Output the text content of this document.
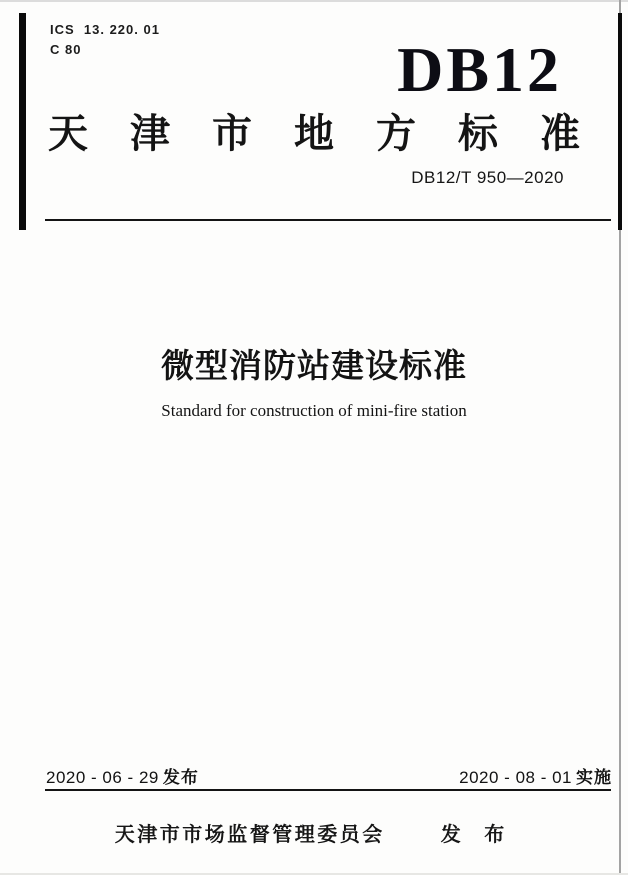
ICS  13. 220. 01
C 80	DB12
天津市地方标准
DB12/T 950—2020
微型消防站建设标准
Standard for construction of mini-fire station
2020 - 06 - 29 发布	2020 - 08 - 01 实施
天津市市场监督管理委员会	发 布
